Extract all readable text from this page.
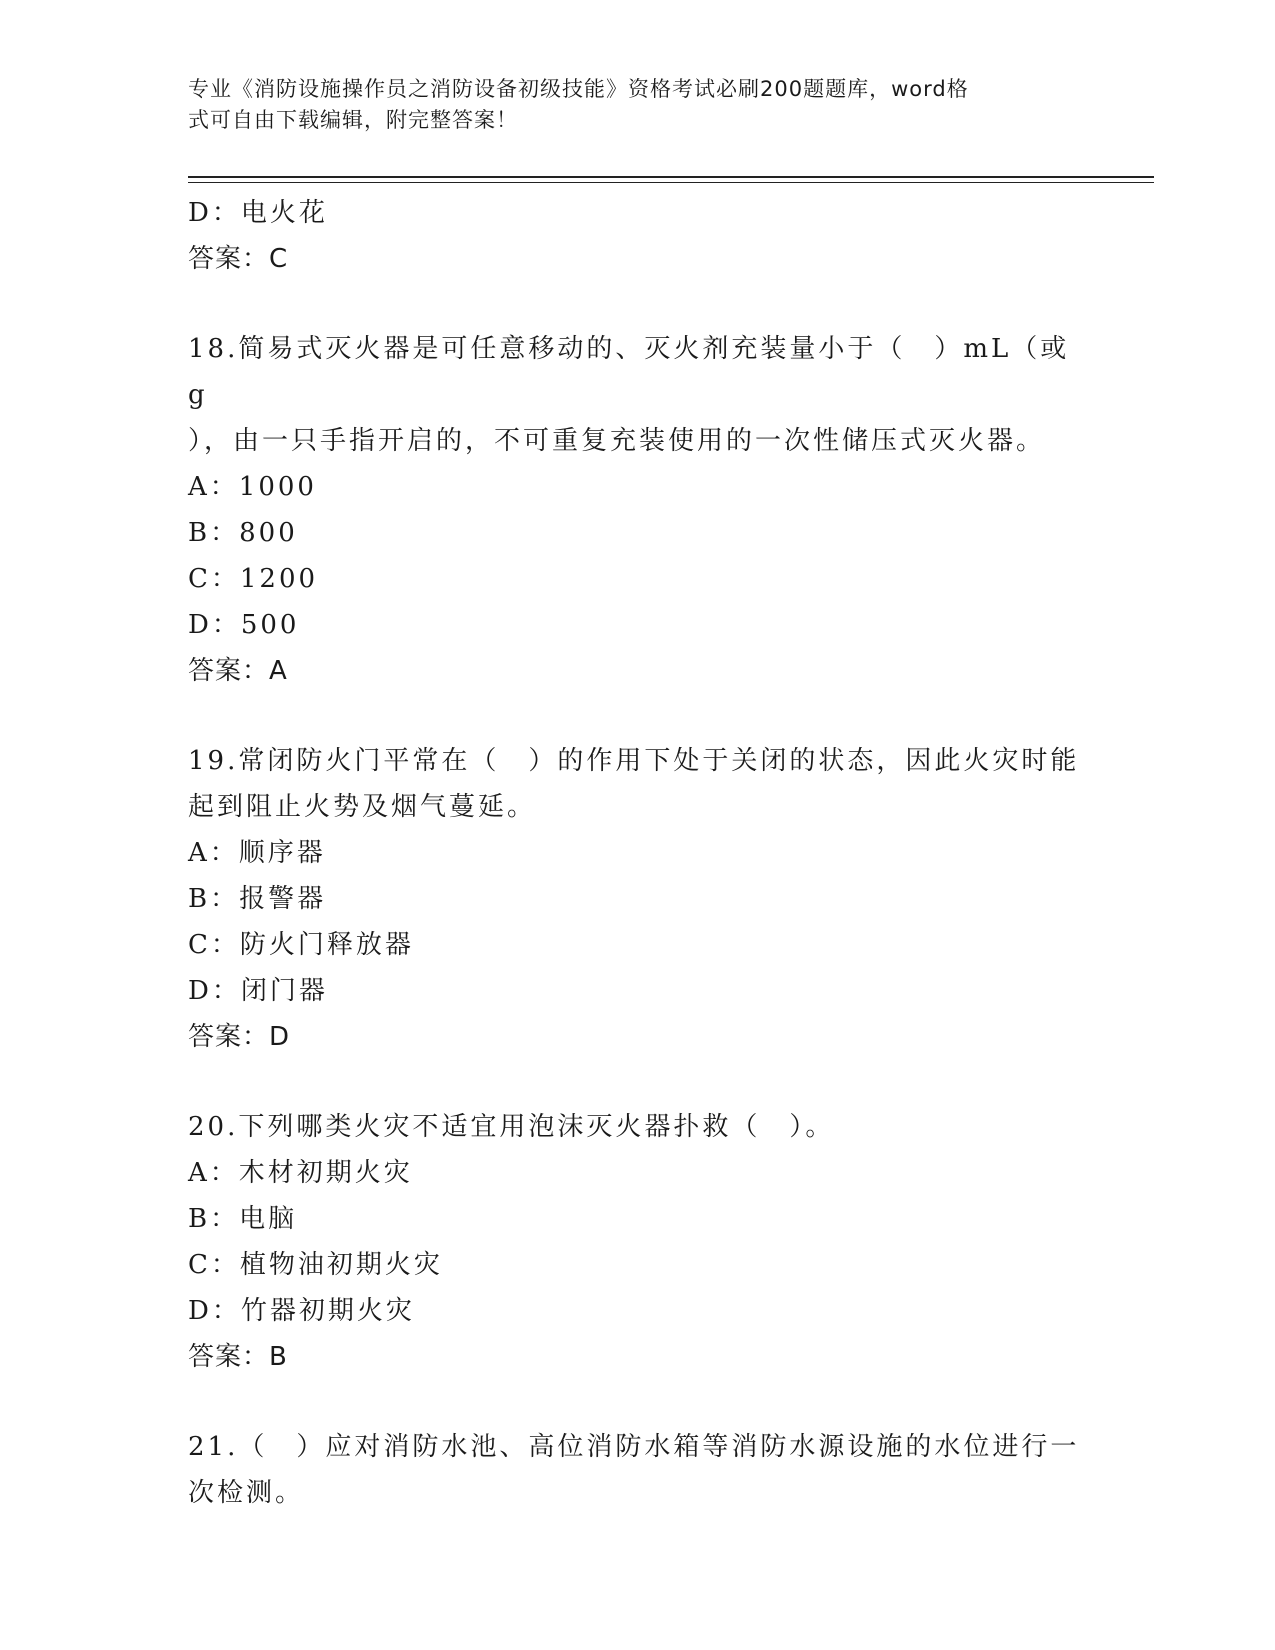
专业《消防设施操作员之消防设备初级技能》资格考试必刷200题题库，word格
式可自由下载编辑，附完整答案！
D：电火花
答案：C
18.简易式灭火器是可任意移动的、灭火剂充装量小于（　）mL（或g
），由一只手指开启的，不可重复充装使用的一次性储压式灭火器。
A：1000
B：800
C：1200
D：500
答案：A
19.常闭防火门平常在（　）的作用下处于关闭的状态，因此火灾时能
起到阻止火势及烟气蔓延。
A：顺序器
B：报警器
C：防火门释放器
D：闭门器
答案：D
20.下列哪类火灾不适宜用泡沫灭火器扑救（　）。
A：木材初期火灾
B：电脑
C：植物油初期火灾
D：竹器初期火灾
答案：B
21.（　）应对消防水池、高位消防水箱等消防水源设施的水位进行一
次检测。
